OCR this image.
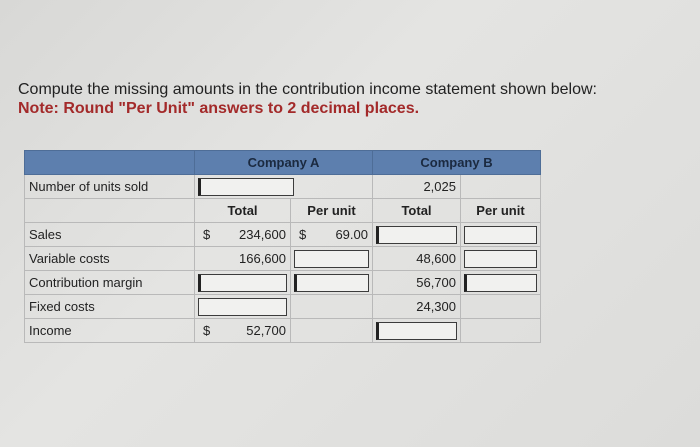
Compute the missing amounts in the contribution income statement shown below:
Note: Round "Per Unit" answers to 2 decimal places.
	Company A		Company B	
Number of units sold			2,025	
	Total	Per unit	Total	Per unit
Sales	$ 234,600	$ 69.00	

Variable costs	166,600		48,600	

Contribution margin			56,700	

Fixed costs			24,300	
Income	$ 52,700		
